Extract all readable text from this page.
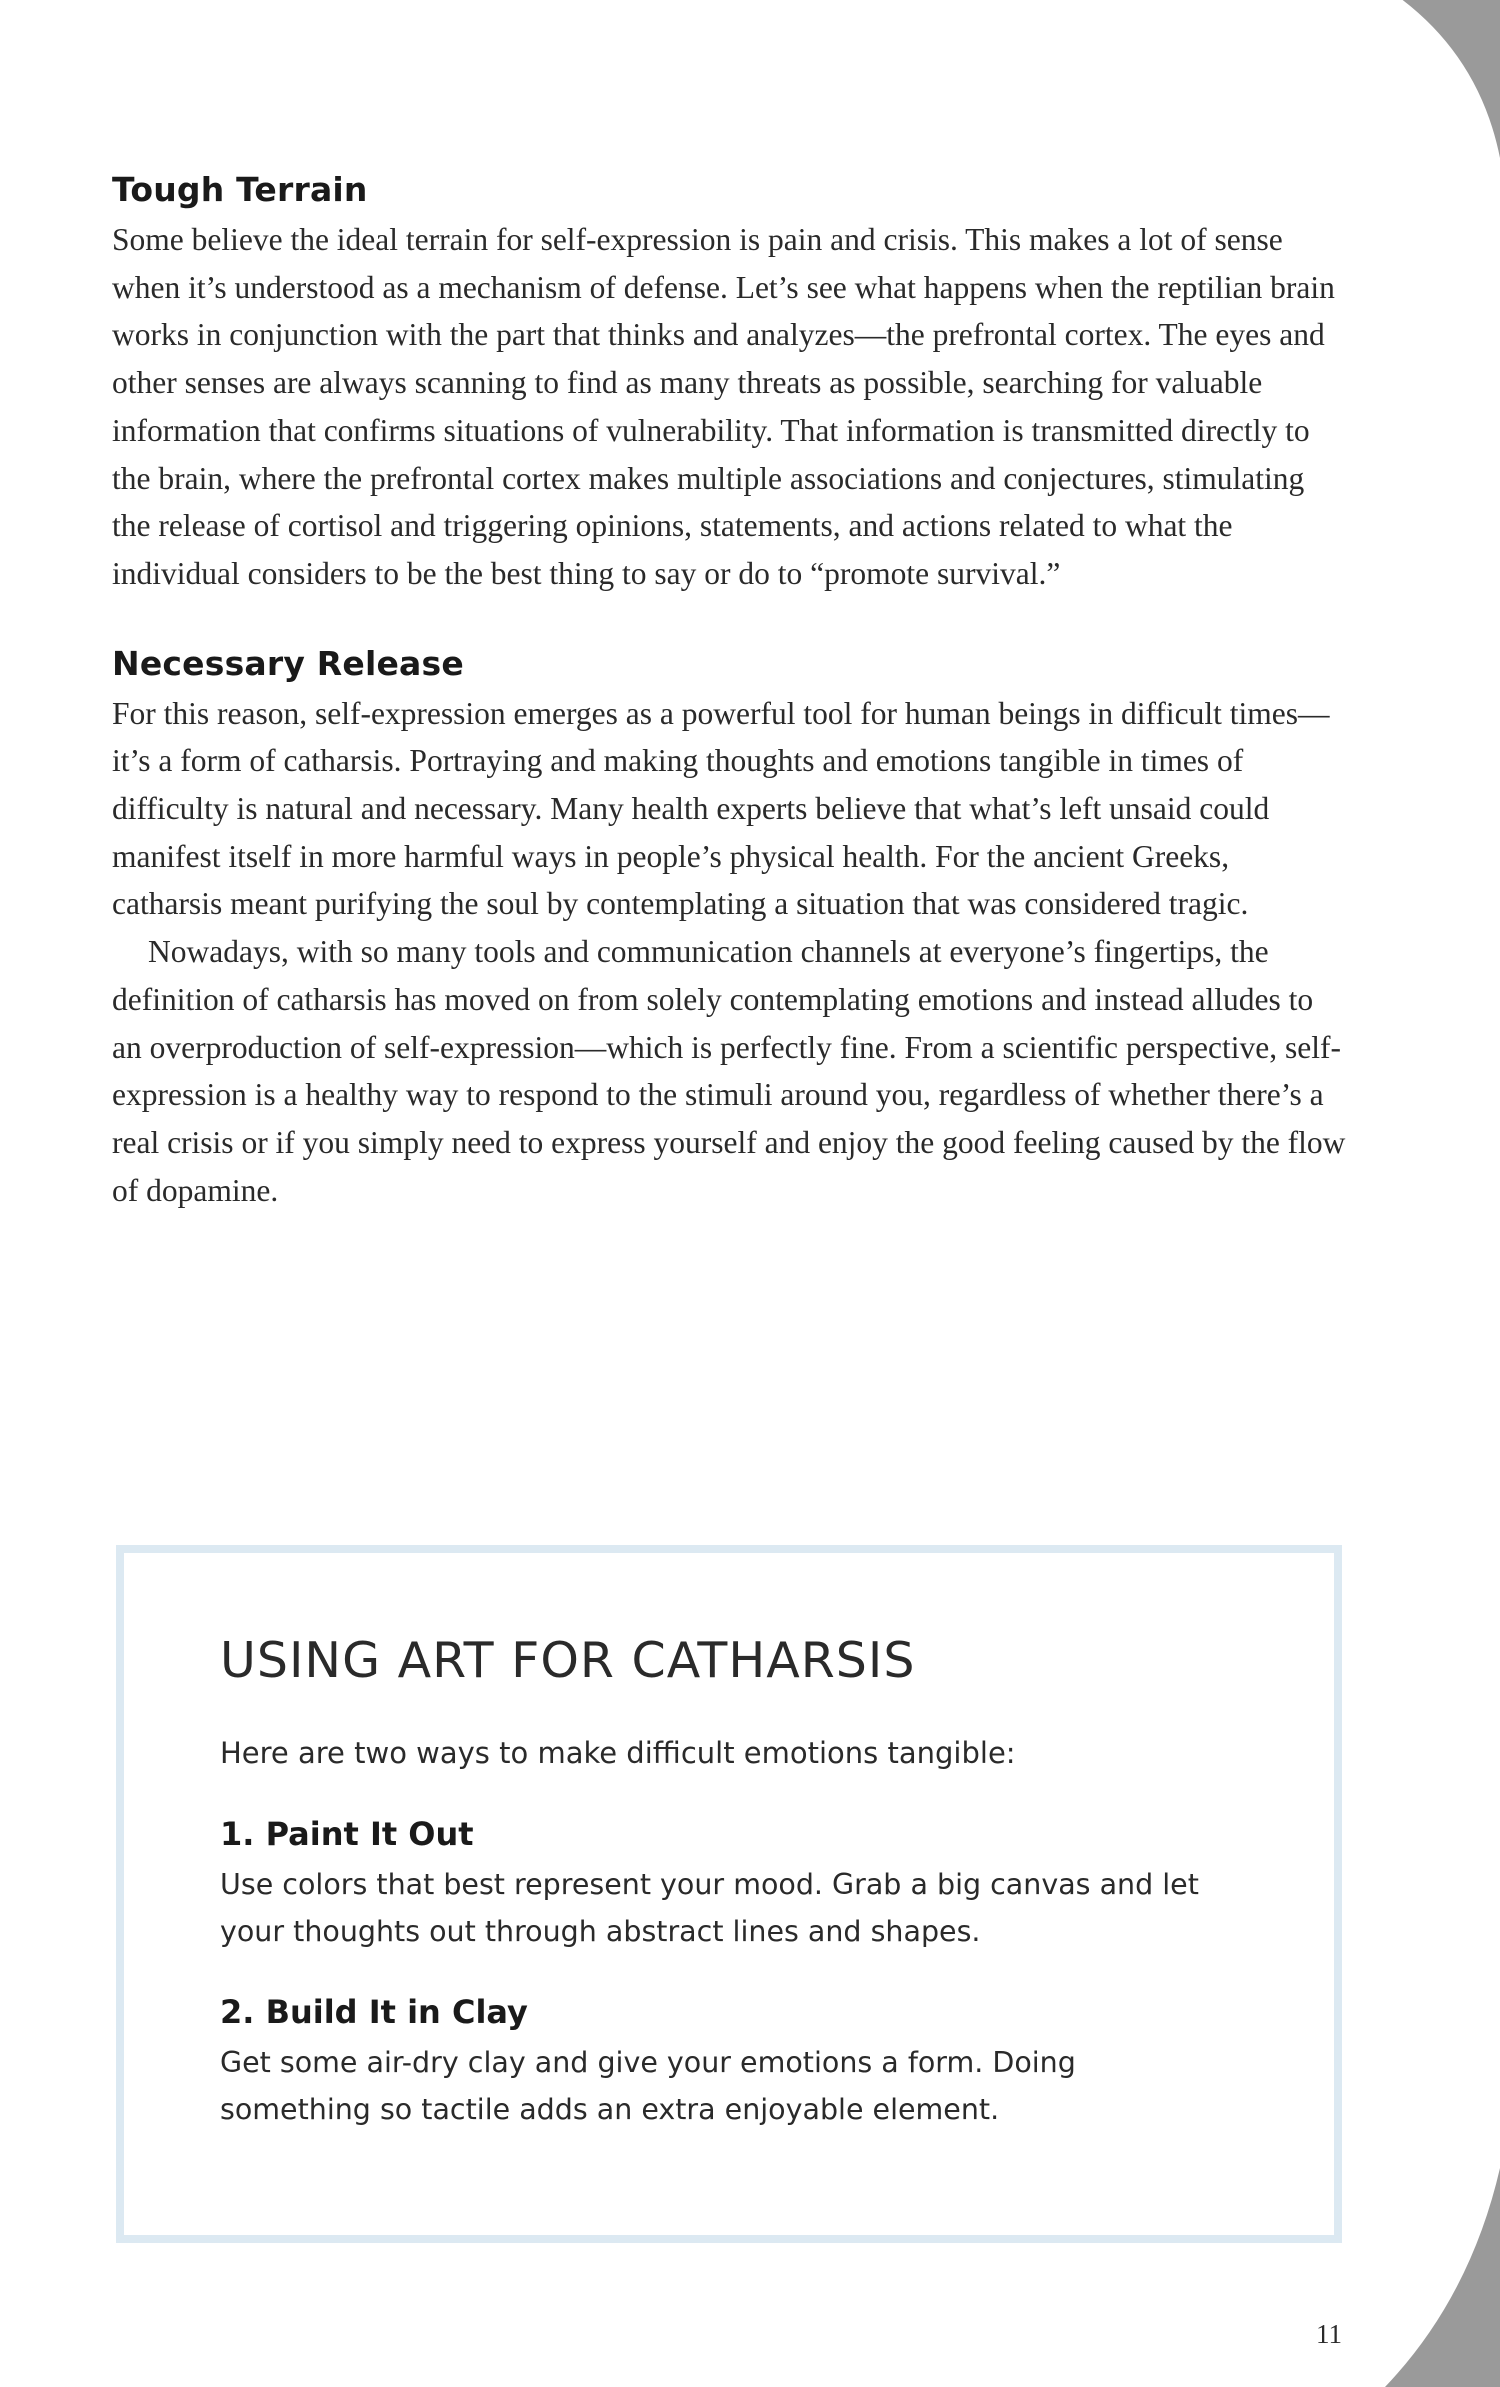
Tough Terrain

Some believe the ideal terrain for self-expression is pain and crisis. This makes a lot of sense when it’s understood as a mechanism of defense. Let’s see what happens when the reptilian brain works in conjunction with the part that thinks and analyzes—the prefrontal cortex. The eyes and other senses are always scanning to find as many threats as possible, searching for valuable information that confirms situations of vulnerability. That information is transmitted directly to the brain, where the prefrontal cortex makes multiple associations and conjectures, stimulating the release of cortisol and triggering opinions, statements, and actions related to what the individual considers to be the best thing to say or do to “promote survival.”

Necessary Release

For this reason, self-expression emerges as a powerful tool for human beings in difficult times—it’s a form of catharsis. Portraying and making thoughts and emotions tangible in times of difficulty is natural and necessary. Many health experts believe that what’s left unsaid could manifest itself in more harmful ways in people’s physical health. For the ancient Greeks, catharsis meant purifying the soul by contemplating a situation that was considered tragic.

Nowadays, with so many tools and communication channels at everyone’s fingertips, the definition of catharsis has moved on from solely contemplating emotions and instead alludes to an overproduction of self-expression—which is perfectly fine. From a scientific perspective, self-expression is a healthy way to respond to the stimuli around you, regardless of whether there’s a real crisis or if you simply need to express yourself and enjoy the good feeling caused by the flow of dopamine.

USING ART FOR CATHARSIS

Here are two ways to make difficult emotions tangible:

1. Paint It Out

Use colors that best represent your mood. Grab a big canvas and let your thoughts out through abstract lines and shapes.

2. Build It in Clay

Get some air-dry clay and give your emotions a form. Doing something so tactile adds an extra enjoyable element.

11
